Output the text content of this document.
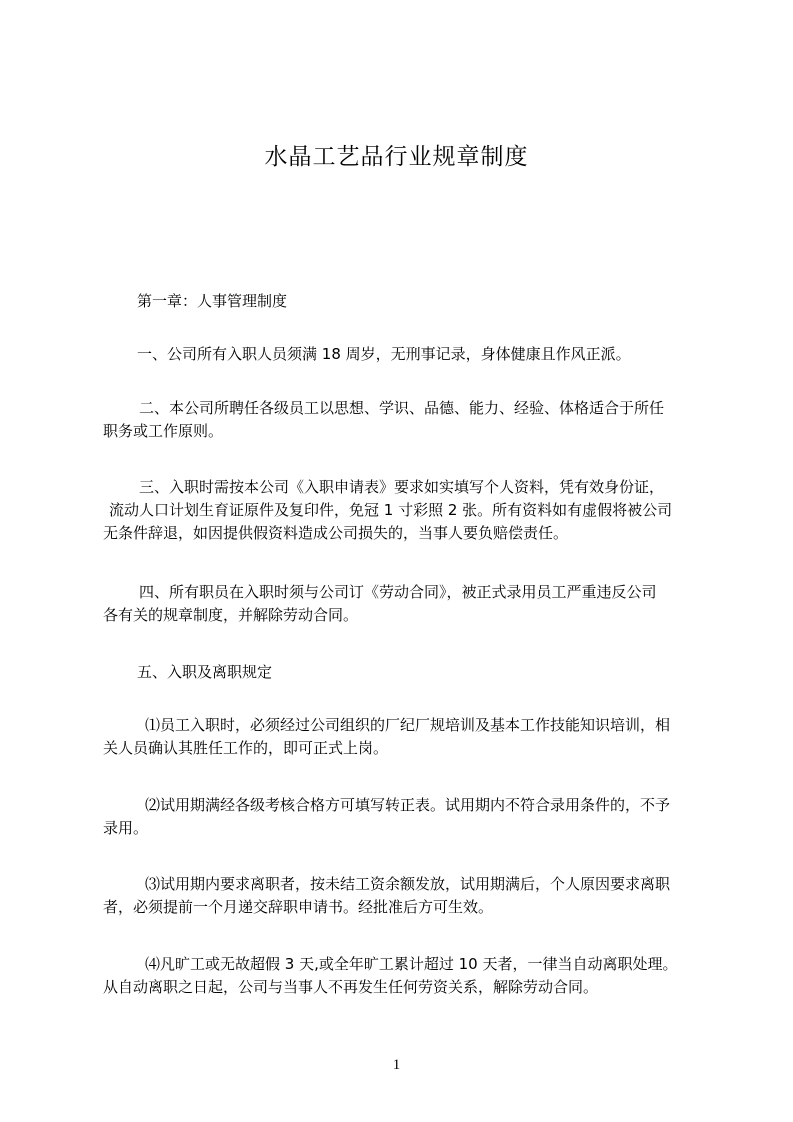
水晶工艺品行业规章制度
第一章：人事管理制度
一、公司所有入职人员须满 18 周岁，无刑事记录，身体健康且作风正派。
二、本公司所聘任各级员工以思想、学识、品德、能力、经验、体格适合于所任
职务或工作原则。
三、入职时需按本公司《入职申请表》要求如实填写个人资料，凭有效身份证，
流动人口计划生育证原件及复印件，免冠 1 寸彩照 2 张。所有资料如有虚假将被公司
无条件辞退，如因提供假资料造成公司损失的，当事人要负赔偿责任。
四、所有职员在入职时须与公司订《劳动合同》，被正式录用员工严重违反公司
各有关的规章制度，并解除劳动合同。
五、入职及离职规定
⑴员工入职时，必须经过公司组织的厂纪厂规培训及基本工作技能知识培训，相
关人员确认其胜任工作的，即可正式上岗。
⑵试用期满经各级考核合格方可填写转正表。试用期内不符合录用条件的，不予
录用。
⑶试用期内要求离职者，按未结工资余额发放，试用期满后，个人原因要求离职
者，必须提前一个月递交辞职申请书。经批准后方可生效。
⑷凡旷工或无故超假 3 天,或全年旷工累计超过 10 天者，一律当自动离职处理。
从自动离职之日起，公司与当事人不再发生任何劳资关系，解除劳动合同。
1
